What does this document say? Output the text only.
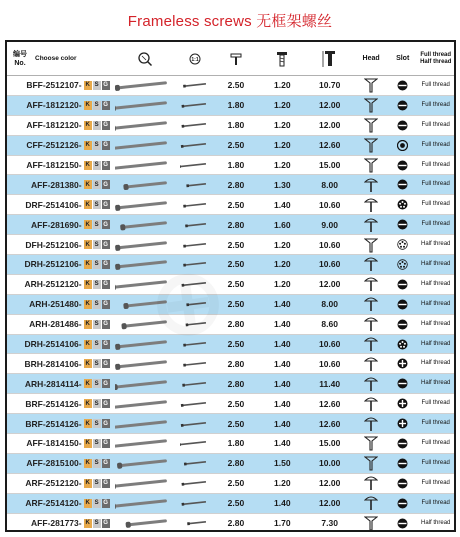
Frameless screws 无框架螺丝
编号
No.
Choose color	1:1	Head	Slot
Full thread
Half thread
BFF-2512107- K S G	2.50	1.20	10.70	Full thread
AFF-1812120- K S G	1.80	1.20	12.00	Full thread
AFF-1812120- K S G	1.80	1.20	12.00	Full thread
CFF-2512126- K S G	2.50	1.20	12.60	Full thread
AFF-1812150- K S G	1.80	1.20	15.00	Full thread
AFF-281380- K S G	2.80	1.30	8.00	Full thread
DRF-2514106- K S G	2.50	1.40	10.60	Full thread
AFF-281690- K S G	2.80	1.60	9.00	Full thread
DFH-2512106- K S G	2.50	1.20	10.60	Half thread
DRH-2512106- K S G	2.50	1.20	10.60	Half thread
ARH-2512120- K S G	2.50	1.20	12.00	Half thread
ARH-251480- K S G	2.50	1.40	8.00	Half thread
ARH-281486- K S G	2.80	1.40	8.60	Half thread
DRH-2514106- K S G	2.50	1.40	10.60	Half thread
BRH-2814106- K S G	2.80	1.40	10.60	Half thread
ARH-2814114- K S G	2.80	1.40	11.40	Half thread
BRF-2514126- K S G	2.50	1.40	12.60	Full thread
BRF-2514126- K S G	2.50	1.40	12.60	Full thread
AFF-1814150- K S G	1.80	1.40	15.00	Full thread
AFF-2815100- K S G	2.80	1.50	10.00	Full thread
ARF-2512120- K S G	2.50	1.20	12.00	Full thread
ARF-2514120- K S G	2.50	1.40	12.00	Full thread
AFF-281773- K S G	2.80	1.70	7.30	Half thread
